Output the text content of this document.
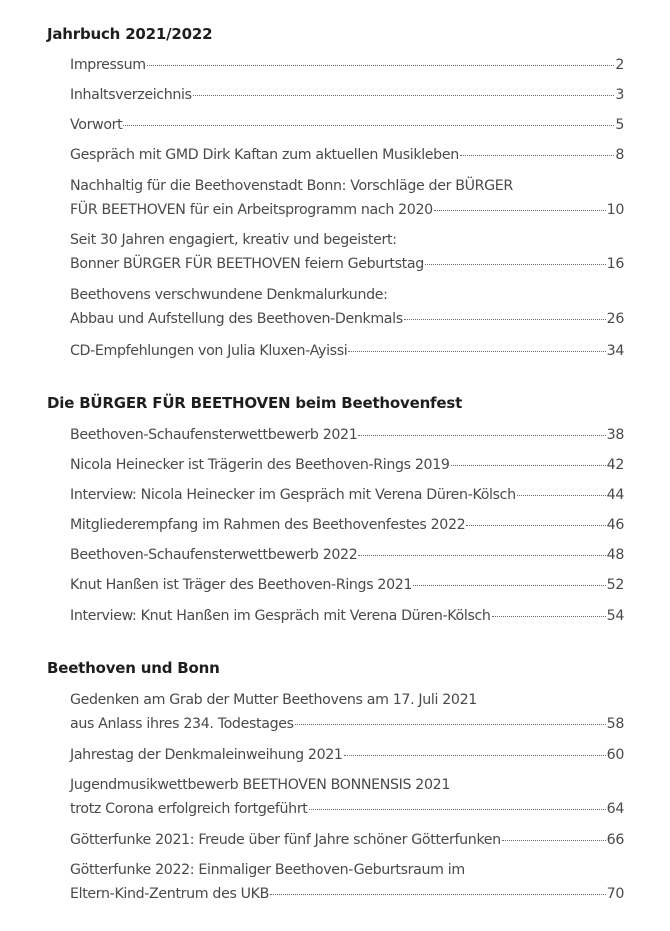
Jahrbuch 2021/2022
Impressum	2
Inhaltsverzeichnis	3
Vorwort	5
Gespräch mit GMD Dirk Kaftan zum aktuellen Musikleben	8
Nachhaltig für die Beethovenstadt Bonn: Vorschläge der BÜRGER
FÜR BEETHOVEN für ein Arbeitsprogramm nach 2020	10
Seit 30 Jahren engagiert, kreativ und begeistert:
Bonner BÜRGER FÜR BEETHOVEN feiern Geburtstag	16
Beethovens verschwundene Denkmalurkunde:
Abbau und Aufstellung des Beethoven-Denkmals	26
CD-Empfehlungen von Julia Kluxen-Ayissi	34
Die BÜRGER FÜR BEETHOVEN beim Beethovenfest
Beethoven-Schaufensterwettbewerb 2021	38
Nicola Heinecker ist Trägerin des Beethoven-Rings 2019	42
Interview: Nicola Heinecker im Gespräch mit Verena Düren-Kölsch	44
Mitgliederempfang im Rahmen des Beethovenfestes 2022	46
Beethoven-Schaufensterwettbewerb 2022	48
Knut Hanßen ist Träger des Beethoven-Rings 2021	52
Interview: Knut Hanßen im Gespräch mit Verena Düren-Kölsch	54
Beethoven und Bonn
Gedenken am Grab der Mutter Beethovens am 17. Juli 2021
aus Anlass ihres 234. Todestages	58
Jahrestag der Denkmaleinweihung 2021	60
Jugendmusikwettbewerb BEETHOVEN BONNENSIS 2021
trotz Corona erfolgreich fortgeführt	64
Götterfunke 2021: Freude über fünf Jahre schöner Götterfunken	66
Götterfunke 2022: Einmaliger Beethoven-Geburtsraum im
Eltern-Kind-Zentrum des UKB	70
